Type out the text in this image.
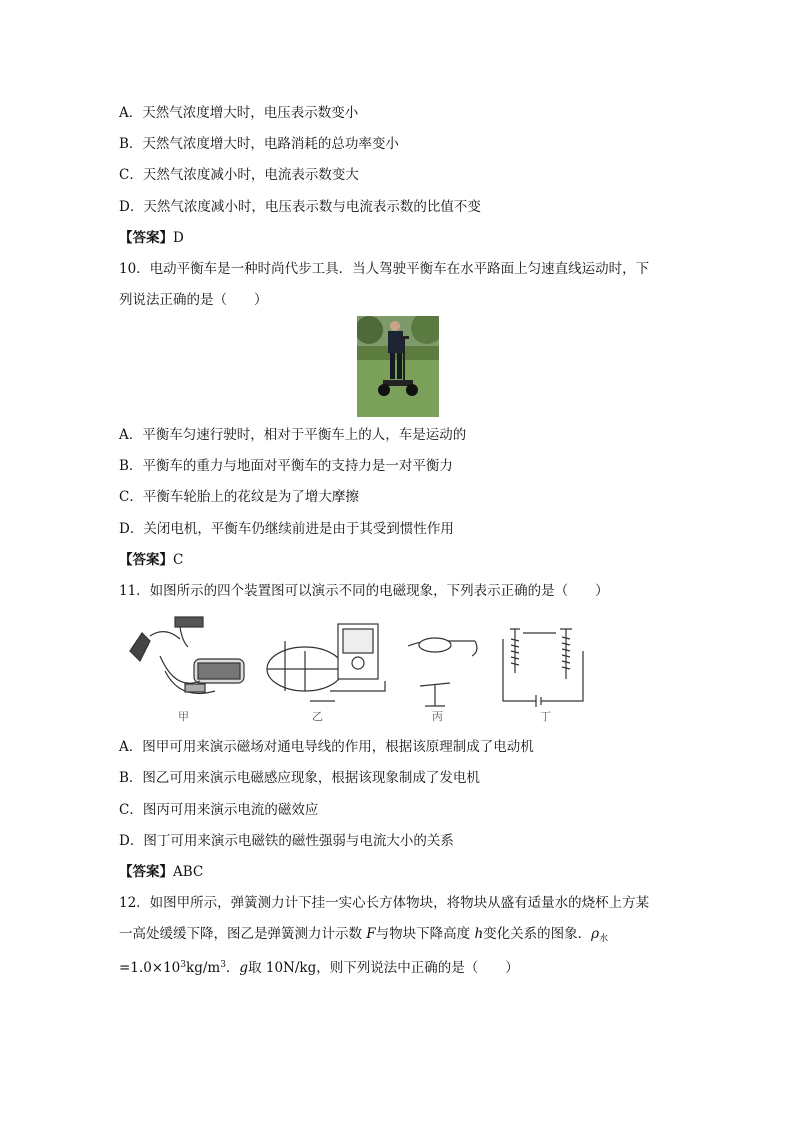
A．天然气浓度增大时，电压表示数变小
B．天然气浓度增大时，电路消耗的总功率变小
C．天然气浓度减小时，电流表示数变大
D．天然气浓度减小时，电压表示数与电流表示数的比值不变
【答案】D
10．电动平衡车是一种时尚代步工具．当人驾驶平衡车在水平路面上匀速直线运动时，下
列说法正确的是（　　）
A．平衡车匀速行驶时，相对于平衡车上的人，车是运动的
B．平衡车的重力与地面对平衡车的支持力是一对平衡力
C．平衡车轮胎上的花纹是为了增大摩擦
D．关闭电机，平衡车仍继续前进是由于其受到惯性作用
【答案】C
11．如图所示的四个装置图可以演示不同的电磁现象，下列表示正确的是（　　）
甲	乙	丙	丁
A．图甲可用来演示磁场对通电导线的作用，根据该原理制成了电动机
B．图乙可用来演示电磁感应现象，根据该现象制成了发电机
C．图丙可用来演示电流的磁效应
D．图丁可用来演示电磁铁的磁性强弱与电流大小的关系
【答案】ABC
12．如图甲所示，弹簧测力计下挂一实心长方体物块，将物块从盛有适量水的烧杯上方某
一高处缓缓下降，图乙是弹簧测力计示数 F与物块下降高度 h变化关系的图象．$\rho_水$
$=1.0\times 10^3kg/m^3$．g取 10N/kg，则下列说法中正确的是（　　）
